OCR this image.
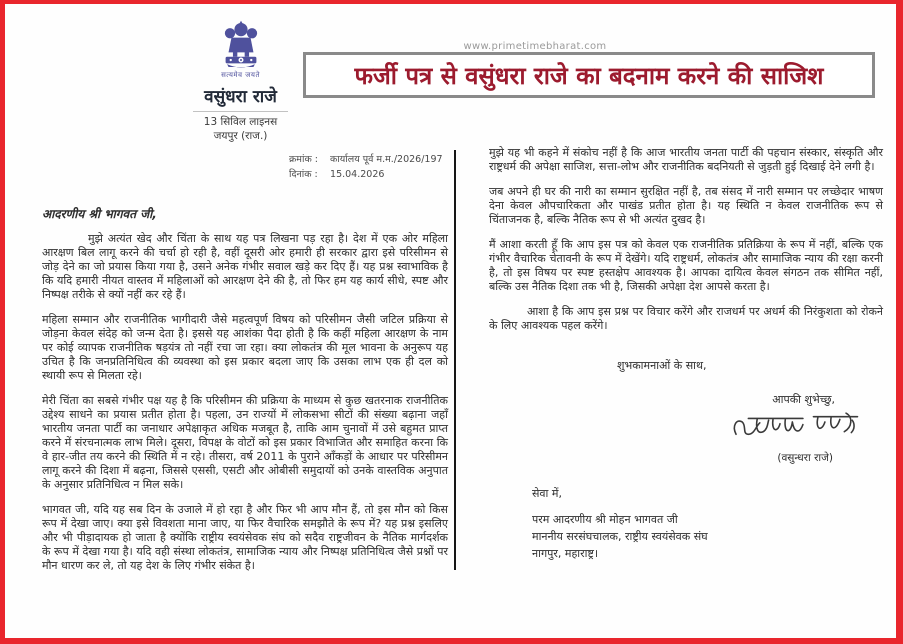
सत्यमेव जयते
वसुंधरा राजे
13 सिविल लाइनस
जयपुर (राज.)
www.primetimebharat.com
फर्जी पत्र से वसुंधरा राजे का बदनाम करने की साजिश
क्रमांक : कार्यालय पूर्व म.म./2026/197
दिनांक : 15.04.2026

आदरणीय श्री भागवत जी,

मुझे अत्यंत खेद और चिंता के साथ यह पत्र लिखना पड़ रहा है। देश में एक ओर महिला आरक्षण बिल लागू करने की चर्चा हो रही है, वहीं दूसरी ओर हमारी ही सरकार द्वारा इसे परिसीमन से जोड़ देने का जो प्रयास किया गया है, उसने अनेक गंभीर सवाल खड़े कर दिए हैं। यह प्रश्न स्वाभाविक है कि यदि हमारी नीयत वास्तव में महिलाओं को आरक्षण देने की है, तो फिर हम यह कार्य सीधे, स्पष्ट और निष्पक्ष तरीके से क्यों नहीं कर रहे हैं।

महिला सम्मान और राजनीतिक भागीदारी जैसे महत्वपूर्ण विषय को परिसीमन जैसी जटिल प्रक्रिया से जोड़ना केवल संदेह को जन्म देता है। इससे यह आशंका पैदा होती है कि कहीं महिला आरक्षण के नाम पर कोई व्यापक राजनीतिक षड़यंत्र तो नहीं रचा जा रहा। क्या लोकतंत्र की मूल भावना के अनुरूप यह उचित है कि जनप्रतिनिधित्व की व्यवस्था को इस प्रकार बदला जाए कि उसका लाभ एक ही दल को स्थायी रूप से मिलता रहे।

मेरी चिंता का सबसे गंभीर पक्ष यह है कि परिसीमन की प्रक्रिया के माध्यम से कुछ खतरनाक राजनीतिक उद्देश्य साधने का प्रयास प्रतीत होता है। पहला, उन राज्यों में लोकसभा सीटों की संख्या बढ़ाना जहाँ भारतीय जनता पार्टी का जनाधार अपेक्षाकृत अधिक मजबूत है, ताकि आम चुनावों में उसे बहुमत प्राप्त करने में संरचनात्मक लाभ मिले। दूसरा, विपक्ष के वोटों को इस प्रकार विभाजित और समाहित करना कि वे हार-जीत तय करने की स्थिति में न रहे। तीसरा, वर्ष 2011 के पुराने आँकड़ों के आधार पर परिसीमन लागू करने की दिशा में बढ़ना, जिससे एससी, एसटी और ओबीसी समुदायों को उनके वास्तविक अनुपात के अनुसार प्रतिनिधित्व न मिल सके।

भागवत जी, यदि यह सब दिन के उजाले में हो रहा है और फिर भी आप मौन हैं, तो इस मौन को किस रूप में देखा जाए। क्या इसे विवशता माना जाए, या फिर वैचारिक समझौते के रूप में? यह प्रश्न इसलिए और भी पीड़ादायक हो जाता है क्योंकि राष्ट्रीय स्वयंसेवक संघ को सदैव राष्ट्रजीवन के नैतिक मार्गदर्शक के रूप में देखा गया है। यदि वही संस्था लोकतंत्र, सामाजिक न्याय और निष्पक्ष प्रतिनिधित्व जैसे प्रश्नों पर मौन धारण कर ले, तो यह देश के लिए गंभीर संकेत है।

मुझे यह भी कहने में संकोच नहीं है कि आज भारतीय जनता पार्टी की पहचान संस्कार, संस्कृति और राष्ट्रधर्म की अपेक्षा साजिश, सत्ता-लोभ और राजनीतिक बदनियती से जुड़ती हुई दिखाई देने लगी है।

जब अपने ही घर की नारी का सम्मान सुरक्षित नहीं है, तब संसद में नारी सम्मान पर लच्छेदार भाषण देना केवल औपचारिकता और पाखंड प्रतीत होता है। यह स्थिति न केवल राजनीतिक रूप से चिंताजनक है, बल्कि नैतिक रूप से भी अत्यंत दुखद है।

मैं आशा करती हूँ कि आप इस पत्र को केवल एक राजनीतिक प्रतिक्रिया के रूप में नहीं, बल्कि एक गंभीर वैचारिक चेतावनी के रूप में देखेंगे। यदि राष्ट्रधर्म, लोकतंत्र और सामाजिक न्याय की रक्षा करनी है, तो इस विषय पर स्पष्ट हस्तक्षेप आवश्यक है। आपका दायित्व केवल संगठन तक सीमित नहीं, बल्कि उस नैतिक दिशा तक भी है, जिसकी अपेक्षा देश आपसे करता है।

आशा है कि आप इस प्रश्न पर विचार करेंगे और राजधर्म पर अधर्म की निरंकुशता को रोकने के लिए आवश्यक पहल करेंगे।

शुभकामनाओं के साथ,
आपकी शुभेच्छु,
(वसुन्धरा राजे)
सेवा में,
परम आदरणीय श्री मोहन भागवत जी
माननीय सरसंघचालक, राष्ट्रीय स्वयंसेवक संघ
नागपुर, महाराष्ट्र।
